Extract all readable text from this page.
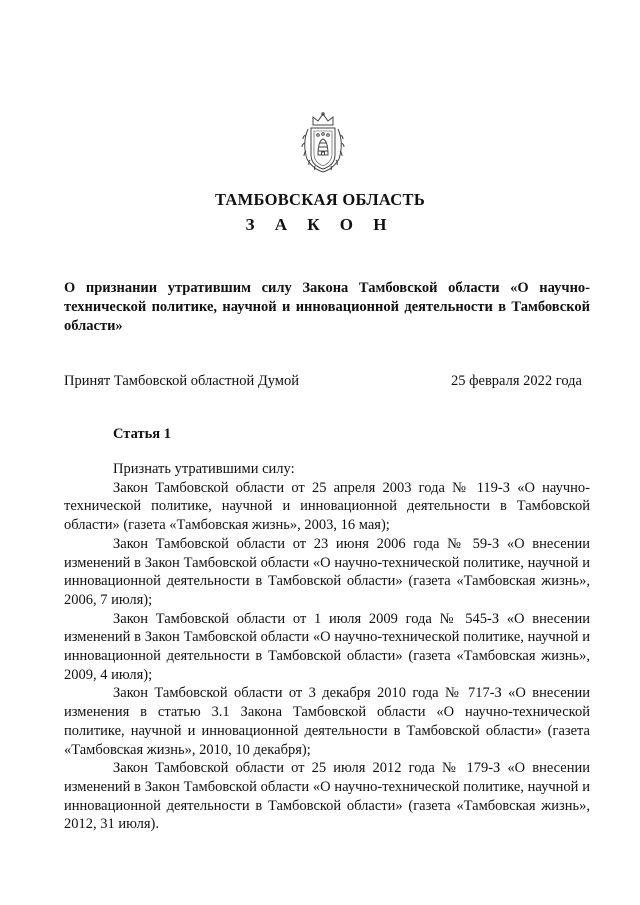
ТАМБОВСКАЯ ОБЛАСТЬ
З А К О Н
О признании утратившим силу Закона Тамбовской области «О научно-технической политике, научной и инновационной деятельности в Тамбовской области»
Принят Тамбовской областной Думой	25 февраля 2022 года
Статья 1

Признать утратившими силу:

Закон Тамбовской области от 25 апреля 2003 года № 119-З «О научно-технической политике, научной и инновационной деятельности в Тамбовской области» (газета «Тамбовская жизнь», 2003, 16 мая);

Закон Тамбовской области от 23 июня 2006 года № 59-З «О внесении изменений в Закон Тамбовской области «О научно-технической политике, научной и инновационной деятельности в Тамбовской области» (газета «Тамбовская жизнь», 2006, 7 июля);

Закон Тамбовской области от 1 июля 2009 года № 545-З «О внесении изменений в Закон Тамбовской области «О научно-технической политике, научной и инновационной деятельности в Тамбовской области» (газета «Тамбовская жизнь», 2009, 4 июля);

Закон Тамбовской области от 3 декабря 2010 года № 717-З «О внесении изменения в статью 3.1 Закона Тамбовской области «О научно-технической политике, научной и инновационной деятельности в Тамбовской области» (газета «Тамбовская жизнь», 2010, 10 декабря);

Закон Тамбовской области от 25 июля 2012 года № 179-З «О внесении изменений в Закон Тамбовской области «О научно-технической политике, научной и инновационной деятельности в Тамбовской области» (газета «Тамбовская жизнь», 2012, 31 июля).
